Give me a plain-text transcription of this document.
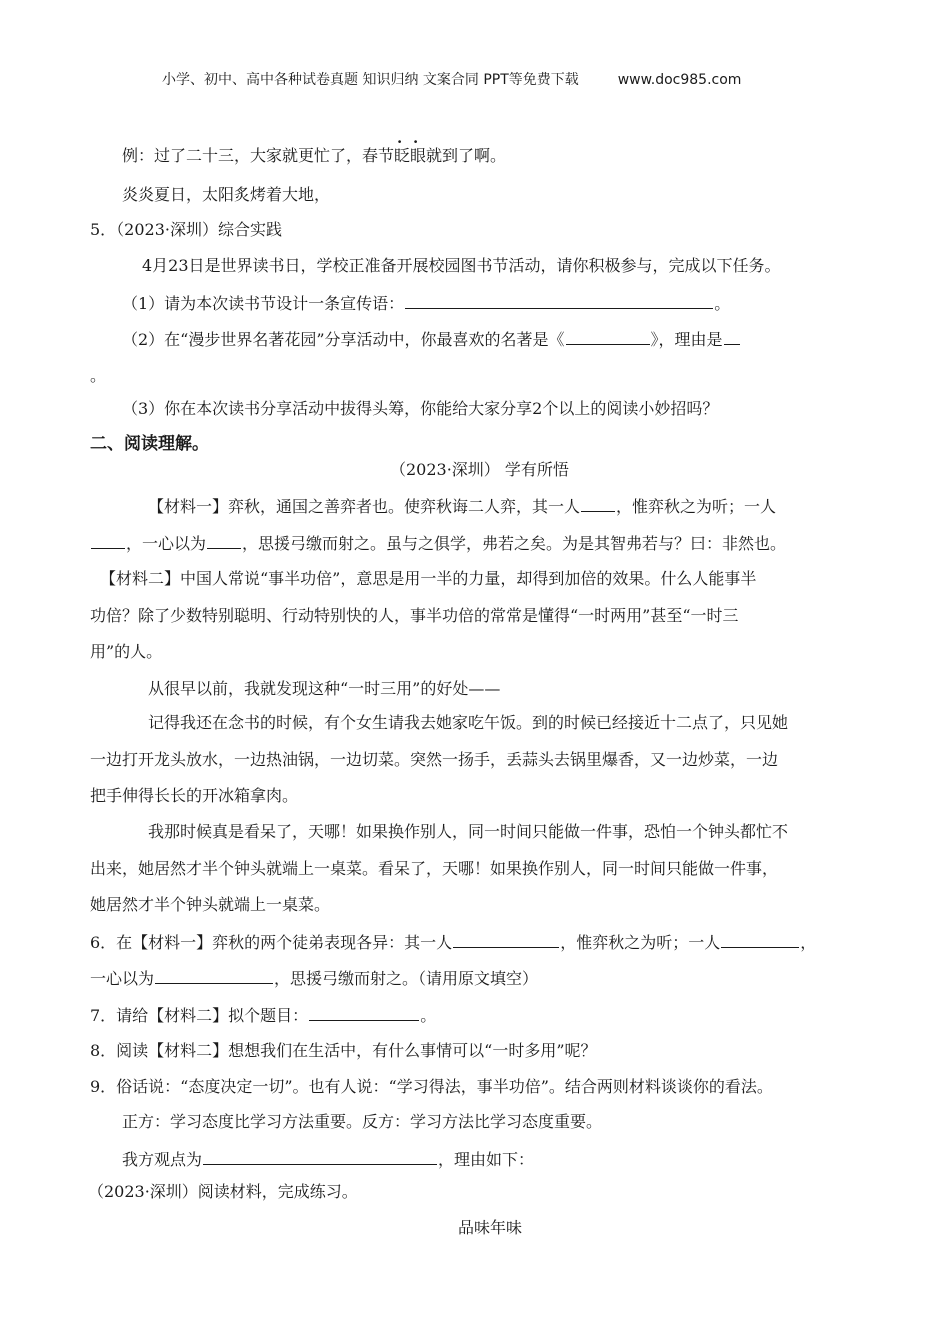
小学、初中、高中各种试卷真题 知识归纳 文案合同 PPT等免费下载	www.doc985.com
例：过了二十三，大家就更忙了，春节眨眼就到了啊。
炎炎夏日，太阳炙烤着大地，
5．（2023·深圳）综合实践
4月23日是世界读书日，学校正准备开展校园图书节活动，请你积极参与，完成以下任务。
（1）请为本次读书节设计一条宣传语：	。
（2）在“漫步世界名著花园”分享活动中，你最喜欢的名著是《	》，理由是
。
（3）你在本次读书分享活动中拔得头筹，你能给大家分享2个以上的阅读小妙招吗？
二、阅读理解。
（2023·深圳） 学有所悟
【材料一】弈秋，通国之善弈者也。使弈秋诲二人弈，其一人 ，惟弈秋之为听；一人
，一心以为 ，思援弓缴而射之。虽与之俱学，弗若之矣。为是其智弗若与？曰：非然也。
【材料二】中国人常说“事半功倍”，意思是用一半的力量，却得到加倍的效果。什么人能事半
功倍？除了少数特别聪明、行动特别快的人，事半功倍的常常是懂得“一时两用”甚至“一时三
用”的人。
从很早以前，我就发现这种“一时三用”的好处——
记得我还在念书的时候，有个女生请我去她家吃午饭。到的时候已经接近十二点了，只见她
一边打开龙头放水，一边热油锅，一边切菜。突然一扬手，丢蒜头去锅里爆香，又一边炒菜，一边
把手伸得长长的开冰箱拿肉。
我那时候真是看呆了，天哪！如果换作别人，同一时间只能做一件事，恐怕一个钟头都忙不
出来，她居然才半个钟头就端上一桌菜。看呆了，天哪！如果换作别人，同一时间只能做一件事，
她居然才半个钟头就端上一桌菜。
6．在【材料一】弈秋的两个徒弟表现各异：其一人	，惟弈秋之为听；一人	，
一心以为	，思援弓缴而射之。（请用原文填空）
7．请给【材料二】拟个题目：	。
8．阅读【材料二】想想我们在生活中，有什么事情可以“一时多用”呢？
9．俗话说：“态度决定一切”。也有人说：“学习得法，事半功倍”。结合两则材料谈谈你的看法。
正方：学习态度比学习方法重要。反方：学习方法比学习态度重要。
我方观点为	，理由如下：
（2023·深圳）阅读材料，完成练习。
品味年味
